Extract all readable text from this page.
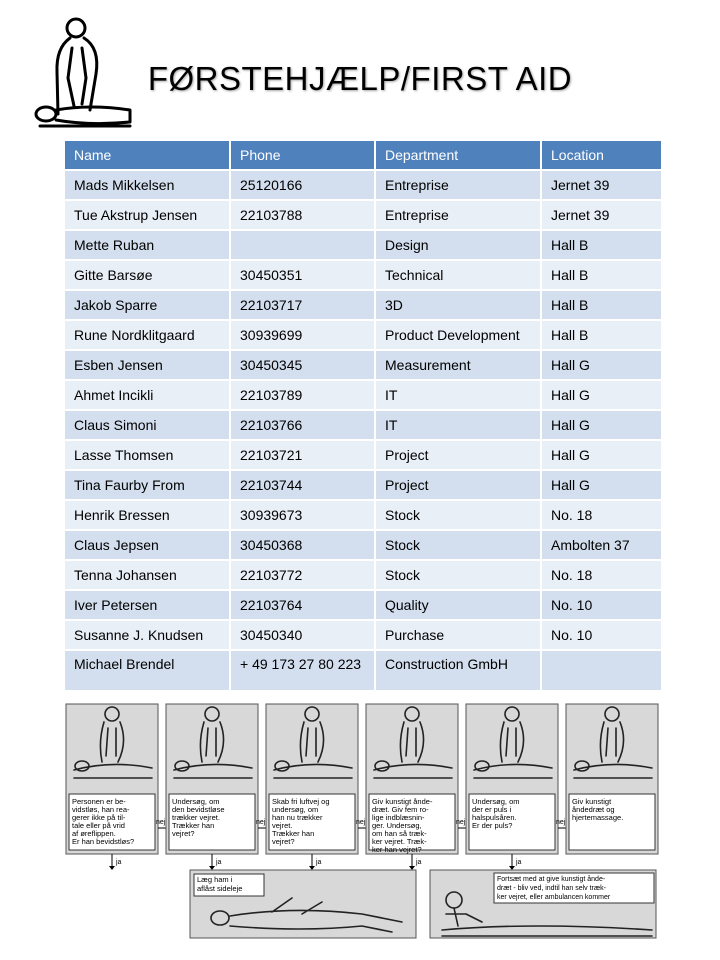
FØRSTEHJÆLP/FIRST AID
Name	Phone	Department	Location
Mads Mikkelsen	25120166	Entreprise	Jernet 39
Tue Akstrup Jensen	22103788	Entreprise	Jernet 39
Mette Ruban		Design	Hall B
Gitte Barsøe	30450351	Technical	Hall B
Jakob Sparre	22103717	3D	Hall B
Rune Nordklitgaard	30939699	Product Development	Hall B
Esben Jensen	30450345	Measurement	Hall G
Ahmet Incikli	22103789	IT	Hall G
Claus Simoni	22103766	IT	Hall G
Lasse Thomsen	22103721	Project	Hall G
Tina Faurby From	22103744	Project	Hall G
Henrik Bressen	30939673	Stock	No. 18
Claus Jepsen	30450368	Stock	Ambolten 37
Tenna Johansen	22103772	Stock	No. 18
Iver Petersen	22103764	Quality	No. 10
Susanne J. Knudsen	30450340	Purchase	No. 10
Michael Brendel	+ 49 173 27 80 223	Construction GmbH	
Personen er be-vidstløs, han rea-gerer ikke på til-tale eller på vrid af øreflippen. Er han bevidstløs?
nej
Undersøg, om den bevidstløse trækker vejret. Trækker han vejret?
nej
Skab fri luftvej og undersøg, om han nu trækker vejret. Trækker han vejret?
nej
Giv kunstigt ånde-dræt. Giv fem ro-lige indblæsnin-ger. Undersøg, om han så træk-ker vejret. Træk-ker han vejret?
nej
Undersøg, om der er puls i halspulsåren. Er der puls?	nej
Giv kunstigt åndedræt og hjertemassage.
ja	ja	ja	ja	ja
Læg ham i aflåst sideleje
Fortsæt med at give kunstigt ånde-dræt - bliv ved, indtil han selv træk-ker vejret, eller ambulancen kommer
